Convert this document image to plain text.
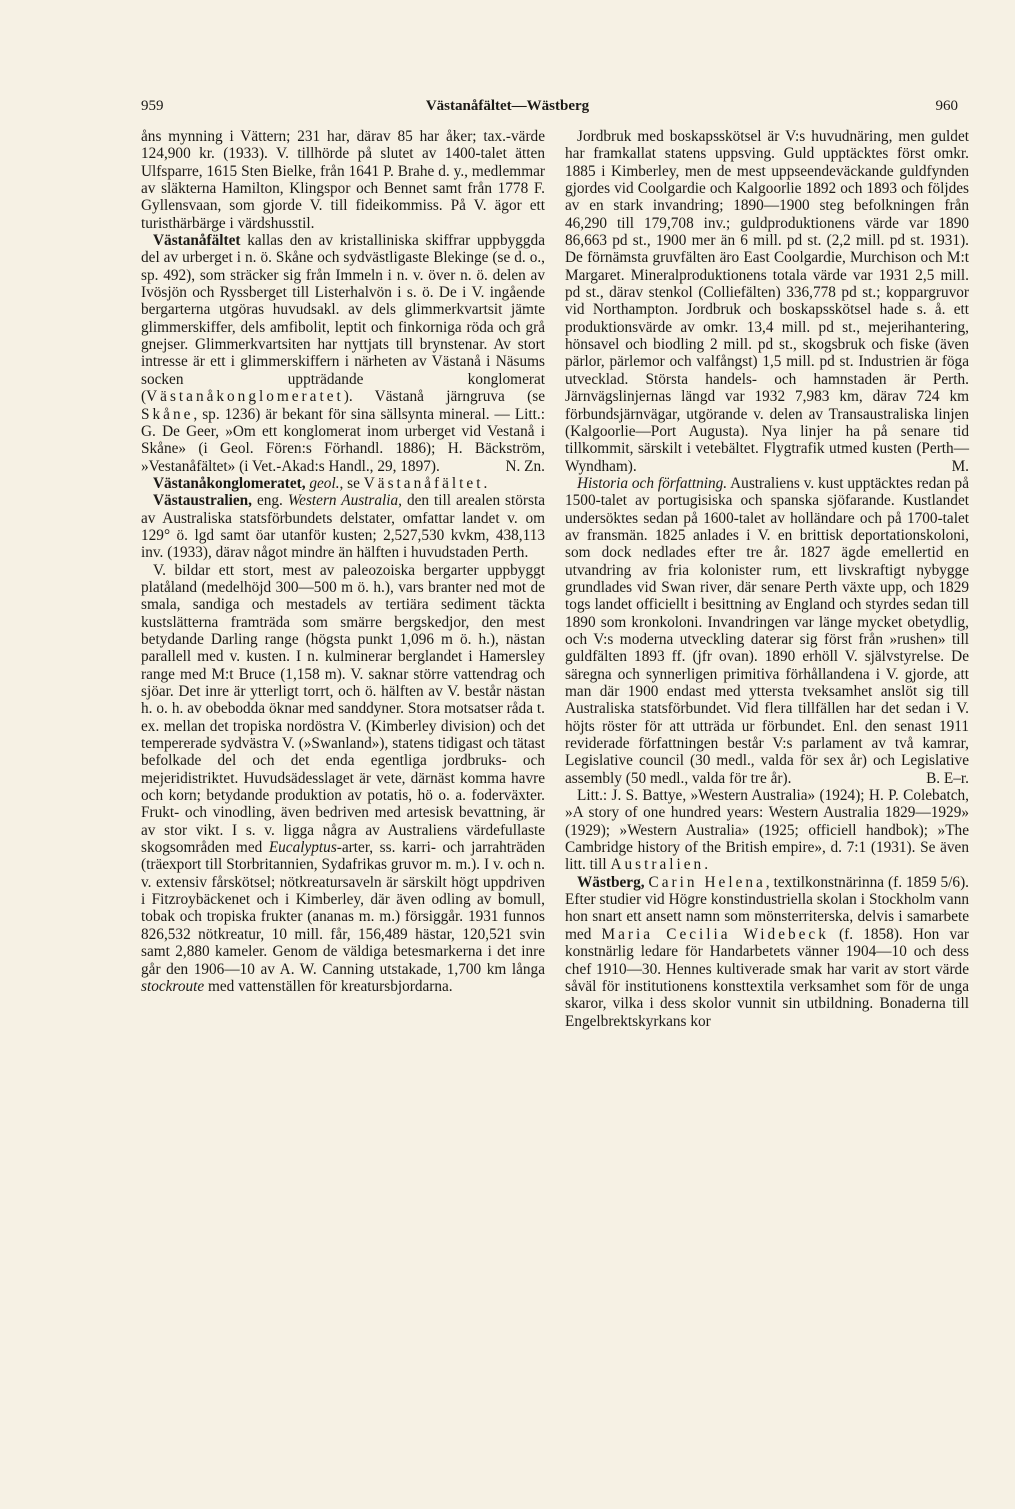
959	Västanåfältet—Wästberg	960

åns mynning i Vättern; 231 har, därav 85 har åker; tax.-värde 124,900 kr. (1933). V. tillhörde på slutet av 1400-talet ätten Ulfsparre, 1615 Sten Bielke, från 1641 P. Brahe d. y., medlemmar av släkterna Hamilton, Klingspor och Bennet samt från 1778 F. Gyllensvaan, som gjorde V. till fideikommiss. På V. ägor ett turisthärbärge i värdshusstil.

Västanåfältet kallas den av kristalliniska skiffrar uppbyggda del av urberget i n. ö. Skåne och sydvästligaste Blekinge (se d. o., sp. 492), som sträcker sig från Immeln i n. v. över n. ö. delen av Ivösjön och Ryssberget till Listerhalvön i s. ö. De i V. ingående bergarterna utgöras huvudsakl. av dels glimmerkvartsit jämte glimmerskiffer, dels amfibolit, leptit och finkorniga röda och grå gnejser. Glimmerkvartsiten har nyttjats till brynstenar. Av stort intresse är ett i glimmerskiffern i närheten av Västanå i Näsums socken uppträdande konglomerat (Västanåkonglomeratet). Västanå järngruva (se Skåne, sp. 1236) är bekant för sina sällsynta mineral. — Litt.: G. De Geer, »Om ett konglomerat inom urberget vid Vestanå i Skåne» (i Geol. Fören:s Förhandl. 1886); H. Bäckström, »Vestanåfältet» (i Vet.-Akad:s Handl., 29, 1897).	N. Zn.

Västanåkonglomeratet, geol., se Västanåfältet.

Västaustralien, eng. Western Australia, den till arealen största av Australiska statsförbundets delstater, omfattar landet v. om 129° ö. lgd samt öar utanför kusten; 2,527,530 kvkm, 438,113 inv. (1933), därav något mindre än hälften i huvudstaden Perth.

V. bildar ett stort, mest av paleozoiska bergarter uppbyggt platåland (medelhöjd 300—500 m ö. h.), vars branter ned mot de smala, sandiga och mestadels av tertiära sediment täckta kustslätterna framträda som smärre bergskedjor, den mest betydande Darling range (högsta punkt 1,096 m ö. h.), nästan parallell med v. kusten. I n. kulminerar berglandet i Hamersley range med M:t Bruce (1,158 m). V. saknar större vattendrag och sjöar. Det inre är ytterligt torrt, och ö. hälften av V. består nästan h. o. h. av obebodda öknar med sanddyner. Stora motsatser råda t. ex. mellan det tropiska nordöstra V. (Kimberley division) och det tempererade sydvästra V. (»Swanland»), statens tidigast och tätast befolkade del och det enda egentliga jordbruks- och mejeridistriktet. Huvudsädesslaget är vete, därnäst komma havre och korn; betydande produktion av potatis, hö o. a. foderväxter. Frukt- och vinodling, även bedriven med artesisk bevattning, är av stor vikt. I s. v. ligga några av Australiens värdefullaste skogsområden med Eucalyptus-arter, ss. karri- och jarrahträden (träexport till Storbritannien, Sydafrikas gruvor m. m.). I v. och n. v. extensiv fårskötsel; nötkreatursaveln är särskilt högt uppdriven i Fitzroybäckenet och i Kimberley, där även odling av bomull, tobak och tropiska frukter (ananas m. m.) försiggår. 1931 funnos 826,532 nötkreatur, 10 mill. får, 156,489 hästar, 120,521 svin samt 2,880 kameler. Genom de väldiga betesmarkerna i det inre går den 1906—10 av A. W. Canning utstakade, 1,700 km långa stockroute med vattenställen för kreatursbjordarna.

Jordbruk med boskapsskötsel är V:s huvudnäring, men guldet har framkallat statens uppsving. Guld upptäcktes först omkr. 1885 i Kimberley, men de mest uppseendeväckande guldfynden gjordes vid Coolgardie och Kalgoorlie 1892 och 1893 och följdes av en stark invandring; 1890—1900 steg befolkningen från 46,290 till 179,708 inv.; guldproduktionens värde var 1890 86,663 pd st., 1900 mer än 6 mill. pd st. (2,2 mill. pd st. 1931). De förnämsta gruvfälten äro East Coolgardie, Murchison och M:t Margaret. Mineralproduktionens totala värde var 1931 2,5 mill. pd st., därav stenkol (Colliefälten) 336,778 pd st.; koppargruvor vid Northampton. Jordbruk och boskapsskötsel hade s. å. ett produktionsvärde av omkr. 13,4 mill. pd st., mejerihantering, hönsavel och biodling 2 mill. pd st., skogsbruk och fiske (även pärlor, pärlemor och valfångst) 1,5 mill. pd st. Industrien är föga utvecklad. Största handels- och hamnstaden är Perth. Järnvägslinjernas längd var 1932 7,983 km, därav 724 km förbundsjärnvägar, utgörande v. delen av Transaustraliska linjen (Kalgoorlie—Port Augusta). Nya linjer ha på senare tid tillkommit, särskilt i vetebältet. Flygtrafik utmed kusten (Perth—Wyndham).	M.

Historia och författning. Australiens v. kust upptäcktes redan på 1500-talet av portugisiska och spanska sjöfarande. Kustlandet undersöktes sedan på 1600-talet av holländare och på 1700-talet av fransmän. 1825 anlades i V. en brittisk deportationskoloni, som dock nedlades efter tre år. 1827 ägde emellertid en utvandring av fria kolonister rum, ett livskraftigt nybygge grundlades vid Swan river, där senare Perth växte upp, och 1829 togs landet officiellt i besittning av England och styrdes sedan till 1890 som kronkoloni. Invandringen var länge mycket obetydlig, och V:s moderna utveckling daterar sig först från »rushen» till guldfälten 1893 ff. (jfr ovan). 1890 erhöll V. självstyrelse. De säregna och synnerligen primitiva förhållandena i V. gjorde, att man där 1900 endast med yttersta tveksamhet anslöt sig till Australiska statsförbundet. Vid flera tillfällen har det sedan i V. höjts röster för att utträda ur förbundet. Enl. den senast 1911 reviderade författningen består V:s parlament av två kamrar, Legislative council (30 medl., valda för sex år) och Legislative assembly (50 medl., valda för tre år).	B. E–r.

Litt.: J. S. Battye, »Western Australia» (1924); H. P. Colebatch, »A story of one hundred years: Western Australia 1829—1929» (1929); »Western Australia» (1925; officiell handbok); »The Cambridge history of the British empire», d. 7:1 (1931). Se även litt. till Australien.

Wästberg, Carin Helena, textilkonstnärinna (f. 1859 5/6). Efter studier vid Högre konstindustriella skolan i Stockholm vann hon snart ett ansett namn som mönsterriterska, delvis i samarbete med Maria Cecilia Widebeck (f. 1858). Hon var konstnärlig ledare för Handarbetets vänner 1904—10 och dess chef 1910—30. Hennes kultiverade smak har varit av stort värde såväl för institutionens konsttextila verksamhet som för de unga skaror, vilka i dess skolor vunnit sin utbildning. Bonaderna till Engelbrektskyrkans kor
